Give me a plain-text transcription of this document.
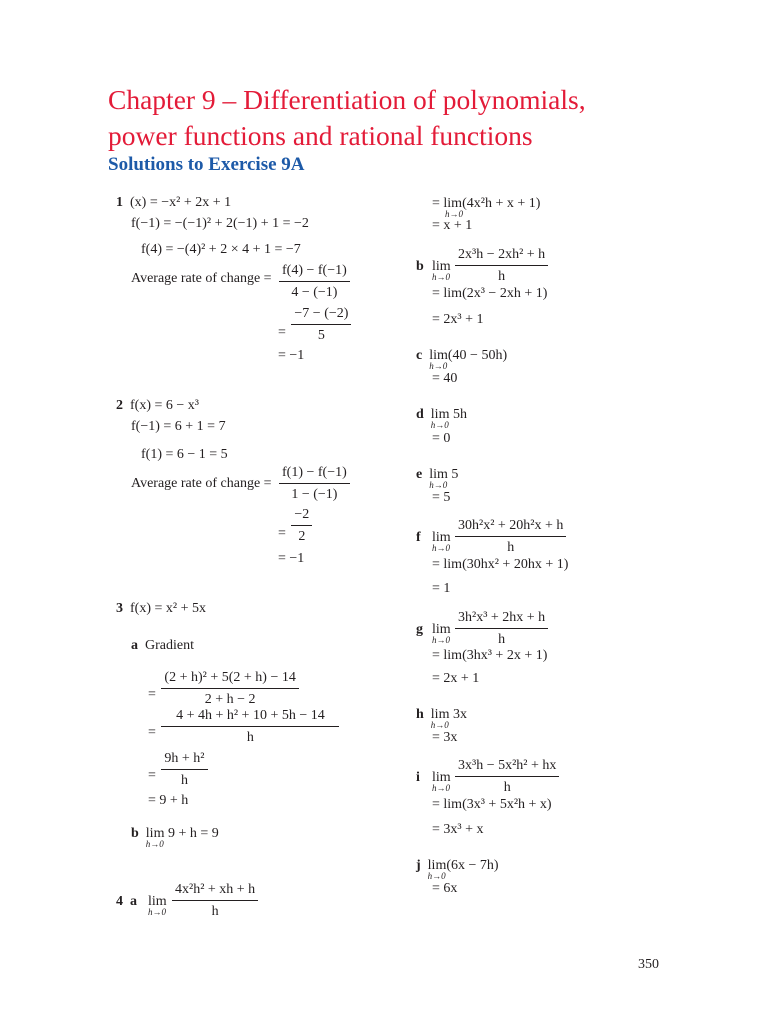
Chapter 9 – Differentiation of polynomials,
power functions and rational functions
Solutions to Exercise 9A
1 (x) = −x² + 2x + 1
f(−1) = −(−1)² + 2(−1) + 1 = −2
f(4) = −(4)² + 2 × 4 + 1 = −7
Average rate of change = $\frac{f(4) - f(-1)}{4 - (-1)}$
= $\frac{-7 - (-2)}{5}$
= −1
2 f(x) = 6 − x³
f(−1) = 6 + 1 = 7
f(1) = 6 − 1 = 5
Average rate of change = $\frac{f(1) - f(-1)}{1 - (-1)}$
= $\frac{-2}{2}$
= −1
3 f(x) = x² + 5x
a Gradient
= $\frac{\text{(2 + h)² + 5(2 + h) − 14}}{2 + h - 2}$
= $\frac{\text{4 + 4h + h² + 10 + 5h − 14}}{h}$
= $\frac{\text{9h + h²}}{h}$
= 9 + h
b lim
h→0
9 + h = 9
4 a lim
$h\to 0 \frac{\text{4x²h² + xh + h}}{h}$
= lim
h→0
(4x²h + x + 1)
= x + 1
b lim
$h\to 0 \frac{\text{2x³h − 2xh² + h}}{h}$
= lim(2x³ − 2xh + 1)
= 2x³ + 1
c lim(40 − 50h)
h→0
= 40
d lim 5h
h→0
= 0
e lim 5
h→0
= 5
f lim
$h\to 0 \frac{\text{30h²x² + 20h²x + h}}{h}$
= lim(30hx² + 20hx + 1)
= 1
g lim
$h\to 0 \frac{\text{3h²x³ + 2hx + h}}{h}$
= lim(3hx³ + 2x + 1)
= 2x + 1
h lim 3x
h→0
= 3x
i lim
$h\to 0 \frac{\text{3x³h − 5x²h² + hx}}{h}$
= lim(3x³ + 5x²h + x)
= 3x³ + x
j lim(6x − 7h)
h→0
= 6x
350
